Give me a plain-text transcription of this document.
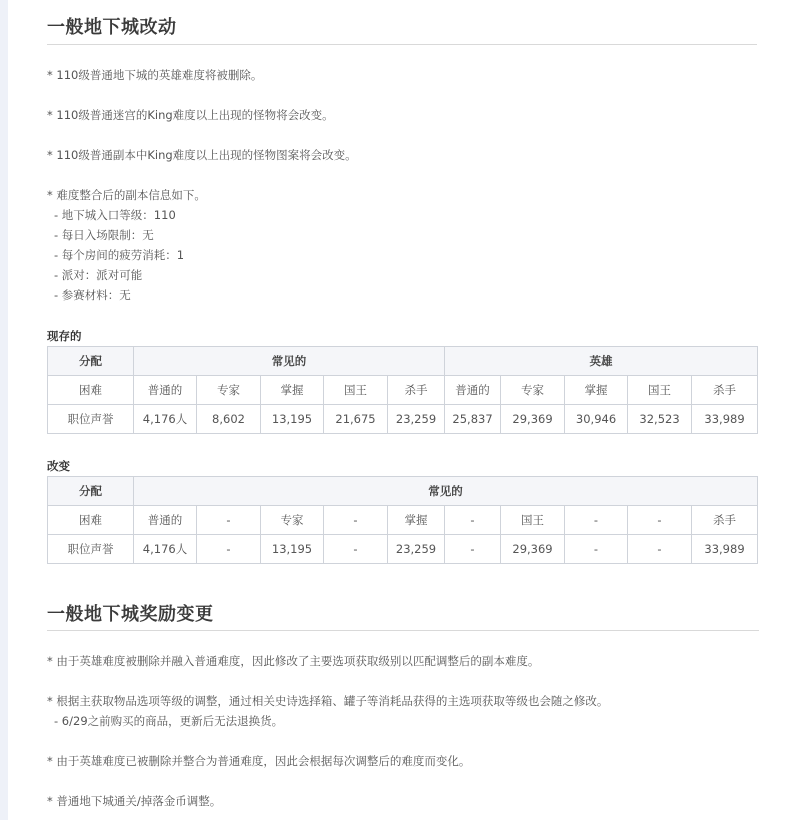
一般地下城改动

* 110级普通地下城的英雄难度将被删除。

* 110级普通迷宫的King难度以上出现的怪物将会改变。

* 110级普通副本中King难度以上出现的怪物图案将会改变。

* 难度整合后的副本信息如下。

- 地下城入口等级：110

- 每日入场限制：无

- 每个房间的疲劳消耗：1

- 派对：派对可能

- 参赛材料：无

现存的

分配	常见的					英雄				
困难	普通的	专家	掌握	国王	杀手	普通的	专家	掌握	国王	杀手
职位声誉	4,176人	8,602	13,195	21,675	23,259	25,837	29,369	30,946	32,523	33,989

改变

分配	常见的									
困难	普通的	-	专家	-	掌握	-	国王	-	-	杀手
职位声誉	4,176人	-	13,195	-	23,259	-	29,369	-	-	33,989
一般地下城奖励变更

* 由于英雄难度被删除并融入普通难度，因此修改了主要选项获取级别以匹配调整后的副本难度。

* 根据主获取物品选项等级的调整，通过相关史诗选择箱、罐子等消耗品获得的主选项获取等级也会随之修改。

- 6/29之前购买的商品，更新后无法退换货。

* 由于英雄难度已被删除并整合为普通难度，因此会根据每次调整后的难度而变化。

* 普通地下城通关/掉落金币调整。
